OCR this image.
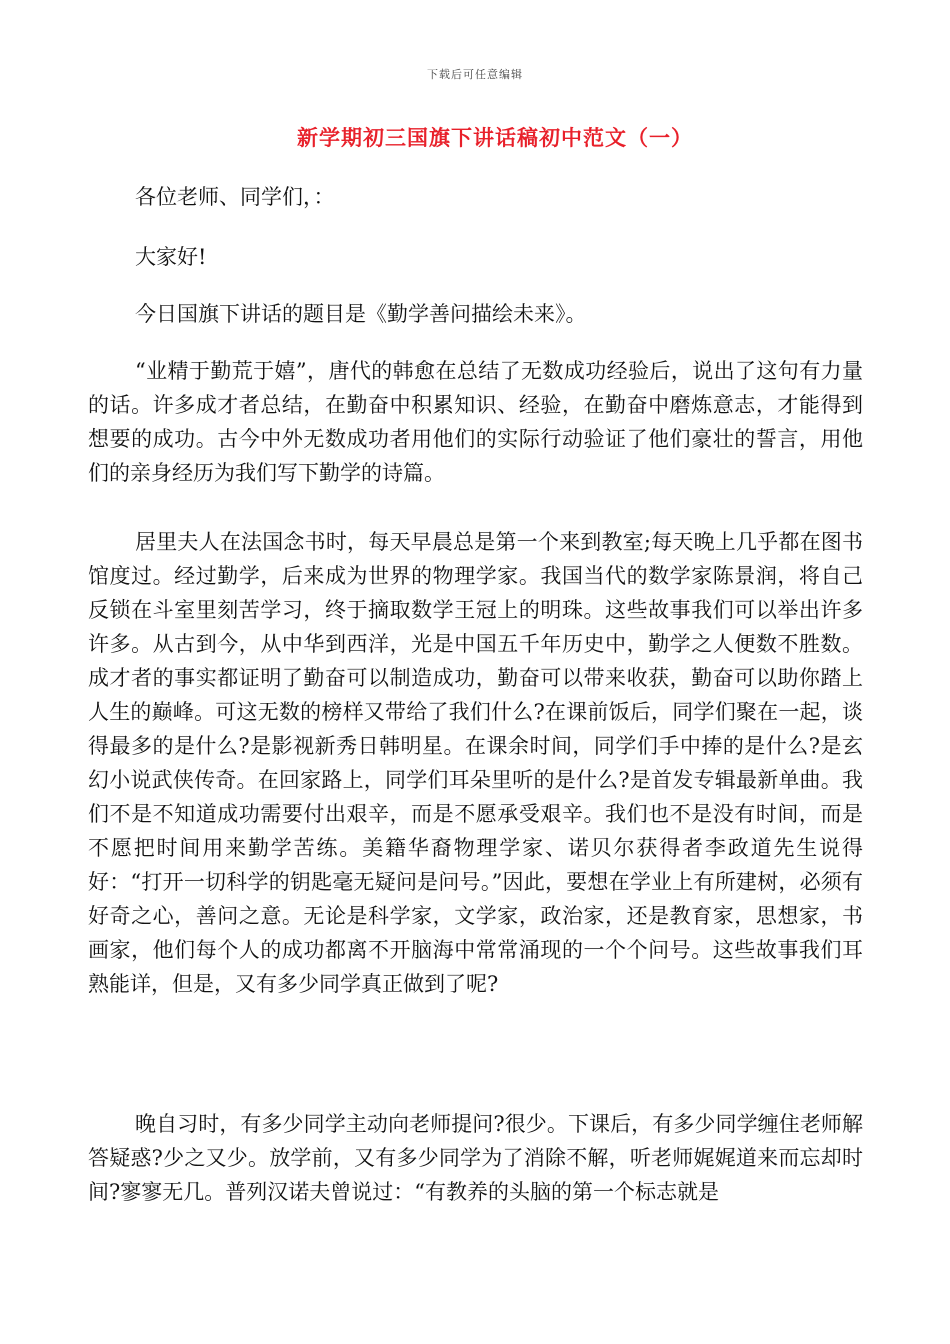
下载后可任意编辑
新学期初三国旗下讲话稿初中范文（一）

各位老师、同学们，：

大家好!

今日国旗下讲话的题目是《勤学善问描绘未来》。

“业精于勤荒于嬉”，唐代的韩愈在总结了无数成功经验后，说出了这句有力量的话。许多成才者总结，在勤奋中积累知识、经验，在勤奋中磨炼意志，才能得到想要的成功。古今中外无数成功者用他们的实际行动验证了他们豪壮的誓言，用他们的亲身经历为我们写下勤学的诗篇。

居里夫人在法国念书时，每天早晨总是第一个来到教室;每天晚上几乎都在图书馆度过。经过勤学，后来成为世界的物理学家。我国当代的数学家陈景润，将自己反锁在斗室里刻苦学习，终于摘取数学王冠上的明珠。这些故事我们可以举出许多许多。从古到今，从中华到西洋，光是中国五千年历史中，勤学之人便数不胜数。成才者的事实都证明了勤奋可以制造成功，勤奋可以带来收获，勤奋可以助你踏上人生的巅峰。可这无数的榜样又带给了我们什么?在课前饭后，同学们聚在一起，谈得最多的是什么?是影视新秀日韩明星。在课余时间，同学们手中捧的是什么?是玄幻小说武侠传奇。在回家路上，同学们耳朵里听的是什么?是首发专辑最新单曲。我们不是不知道成功需要付出艰辛，而是不愿承受艰辛。我们也不是没有时间，而是不愿把时间用来勤学苦练。美籍华裔物理学家、诺贝尔获得者李政道先生说得好：“打开一切科学的钥匙毫无疑问是问号。”因此，要想在学业上有所建树，必须有好奇之心，善问之意。无论是科学家，文学家，政治家，还是教育家，思想家，书画家，他们每个人的成功都离不开脑海中常常涌现的一个个问号。这些故事我们耳熟能详，但是，又有多少同学真正做到了呢?

晚自习时，有多少同学主动向老师提问?很少。下课后，有多少同学缠住老师解答疑惑?少之又少。放学前，又有多少同学为了消除不解，听老师娓娓道来而忘却时间?寥寥无几。普列汉诺夫曾说过：“有教养的头脑的第一个标志就是
